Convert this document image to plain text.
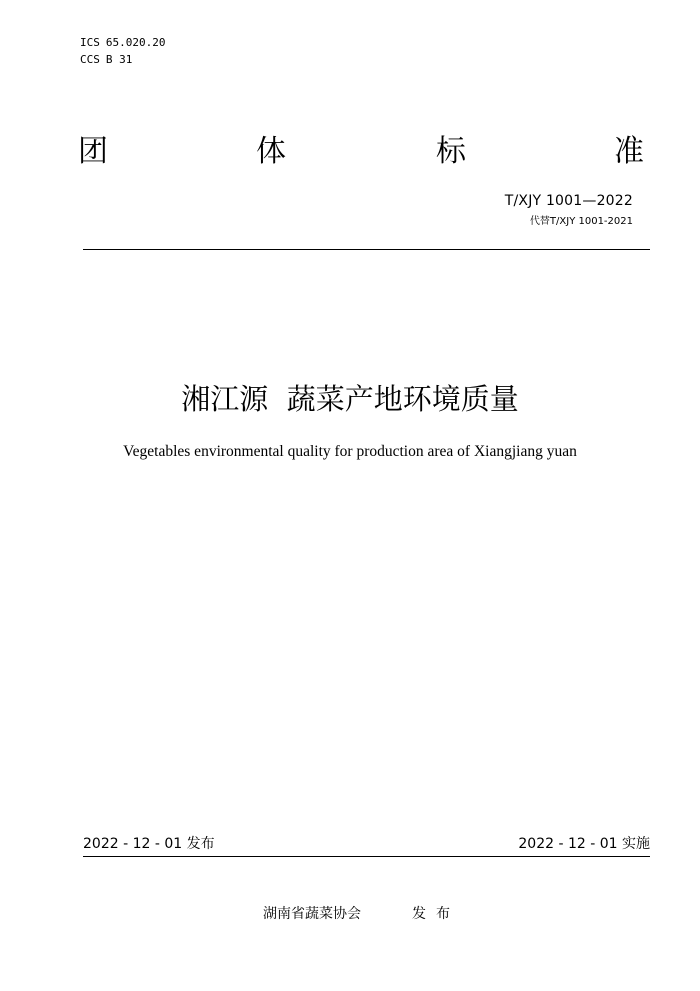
ICS 65.020.20
CCS B 31
团	体	标	准
T/XJY 1001—2022
代替T/XJY 1001-2021
湘江源  蔬菜产地环境质量
Vegetables environmental quality for production area of Xiangjiang yuan
2022 - 12 - 01 发布	2022 - 12 - 01 实施
湖南省蔬菜协会	发布
